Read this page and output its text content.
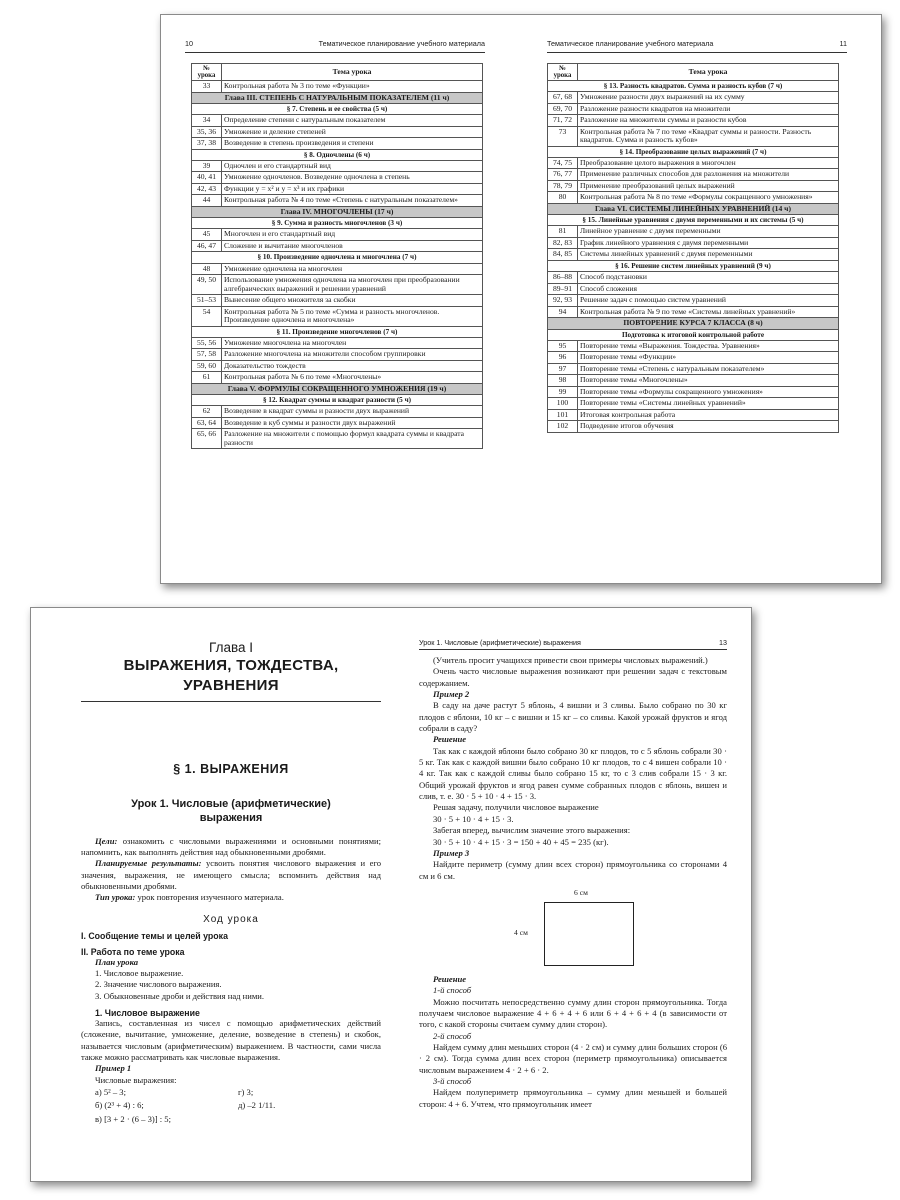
10	Тематическое планирование учебного материала
№ урока	Тема урока
33	Контрольная работа № 3 по теме «Функции»
Глава III. СТЕПЕНЬ С НАТУРАЛЬНЫМ ПОКАЗАТЕЛЕМ (11 ч)	
§ 7. Степень и ее свойства (5 ч)	
34	Определение степени с натуральным показателем
35, 36	Умножение и деление степеней
37, 38	Возведение в степень произведения и степени
§ 8. Одночлены (6 ч)	
39	Одночлен и его стандартный вид
40, 41	Умножение одночленов. Возведение одночлена в степень
42, 43	Функции y = x² и y = x³ и их графики
44	Контрольная работа № 4 по теме «Степень с натуральным показателем»
Глава IV. МНОГОЧЛЕНЫ (17 ч)	
§ 9. Сумма и разность многочленов (3 ч)	
45	Многочлен и его стандартный вид
46, 47	Сложение и вычитание многочленов
§ 10. Произведение одночлена и многочлена (7 ч)	
48	Умножение одночлена на многочлен
49, 50	Использование умножения одночлена на многочлен при преобразовании алгебраических выражений и решении уравнений
51–53	Вынесение общего множителя за скобки
54	Контрольная работа № 5 по теме «Сумма и разность многочленов. Произведение одночлена и многочлена»
§ 11. Произведение многочленов (7 ч)	
55, 56	Умножение многочлена на многочлен
57, 58	Разложение многочлена на множители способом группировки
59, 60	Доказательство тождеств
61	Контрольная работа № 6 по теме «Многочлены»
Глава V. ФОРМУЛЫ СОКРАЩЕННОГО УМНОЖЕНИЯ (19 ч)	
§ 12. Квадрат суммы и квадрат разности (5 ч)	
62	Возведение в квадрат суммы и разности двух выражений
63, 64	Возведение в куб суммы и разности двух выражений
65, 66	Разложение на множители с помощью формул квадрата суммы и квадрата разности
Тематическое планирование учебного материала	11
№ урока	Тема урока
§ 13. Разность квадратов. Сумма и разность кубов (7 ч)	
67, 68	Умножение разности двух выражений на их сумму
69, 70	Разложение разности квадратов на множители
71, 72	Разложение на множители суммы и разности кубов
73	Контрольная работа № 7 по теме «Квадрат суммы и разности. Разность квадратов. Сумма и разность кубов»
§ 14. Преобразование целых выражений (7 ч)	
74, 75	Преобразование целого выражения в многочлен
76, 77	Применение различных способов для разложения на множители
78, 79	Применение преобразований целых выражений
80	Контрольная работа № 8 по теме «Формулы сокращенного умножения»
Глава VI. СИСТЕМЫ ЛИНЕЙНЫХ УРАВНЕНИЙ (14 ч)	
§ 15. Линейные уравнения с двумя переменными и их системы (5 ч)	
81	Линейное уравнение с двумя переменными
82, 83	График линейного уравнения с двумя переменными
84, 85	Системы линейных уравнений с двумя переменными
§ 16. Решение систем линейных уравнений (9 ч)	
86–88	Способ подстановки
89–91	Способ сложения
92, 93	Решение задач с помощью систем уравнений
94	Контрольная работа № 9 по теме «Системы линейных уравнений»
ПОВТОРЕНИЕ КУРСА 7 КЛАССА (8 ч)	
Подготовка к итоговой контрольной работе	
95	Повторение темы «Выражения. Тождества. Уравнения»
96	Повторение темы «Функции»
97	Повторение темы «Степень с натуральным показателем»
98	Повторение темы «Многочлены»
99	Повторение темы «Формулы сокращенного умножения»
100	Повторение темы «Системы линейных уравнений»
101	Итоговая контрольная работа
102	Подведение итогов обучения
Глава I
ВЫРАЖЕНИЯ, ТОЖДЕСТВА,
УРАВНЕНИЯ
§ 1. ВЫРАЖЕНИЯ
Урок 1. Числовые (арифметические)
выражения

Цели: ознакомить с числовыми выражениями и основными понятиями; напомнить, как выполнять действия над обыкновенными дробями.

Планируемые результаты: усвоить понятия числового выражения и его значения, выражения, не имеющего смысла; вспомнить действия над обыкновенными дробями.

Тип урока: урок повторения изученного материала.

Ход урока
I. Сообщение темы и целей урока
II. Работа по теме урока
План урока
1. Числовое выражение.
2. Значение числового выражения.
3. Обыкновенные дроби и действия над ними.
1. Числовое выражение

Запись, составленная из чисел с помощью арифметических действий (сложение, вычитание, умножение, деление, возведение в степень) и скобок, называется числовым (арифметическим) выражением. В частности, сами числа также можно рассматривать как числовые выражения.

Пример 1
Числовые выражения:
а) 5² – 3;	г) 3;
б) (2³ + 4) : 6;	д) –2 1/11.
в) [3 + 2 · (6 – 3)] : 5;
Урок 1. Числовые (арифметические) выражения	13

(Учитель просит учащихся привести свои примеры числовых выражений.)

Очень часто числовые выражения возникают при решении задач с текстовым содержанием.

Пример 2

В саду на даче растут 5 яблонь, 4 вишни и 3 сливы. Было собрано по 30 кг плодов с яблони, 10 кг – с вишни и 15 кг – со сливы. Какой урожай фруктов и ягод собрали в саду?

Решение

Так как с каждой яблони было собрано 30 кг плодов, то с 5 яблонь собрали 30 · 5 кг. Так как с каждой вишни было собрано 10 кг плодов, то с 4 вишен собрали 10 · 4 кг. Так как с каждой сливы было собрано 15 кг, то с 3 слив собрали 15 · 3 кг. Общий урожай фруктов и ягод равен сумме собранных плодов с яблонь, вишен и слив, т. е. 30 · 5 + 10 · 4 + 15 · 3.

Решая задачу, получили числовое выражение

30 · 5 + 10 · 4 + 15 · 3.

Забегая вперед, вычислим значение этого выражения:

30 · 5 + 10 · 4 + 15 · 3 = 150 + 40 + 45 = 235 (кг).

Пример 3

Найдите периметр (сумму длин всех сторон) прямоугольника со сторонами 4 см и 6 см.

6 см
4 см
Решение
1-й способ

Можно посчитать непосредственно сумму длин сторон прямоугольника. Тогда получаем числовое выражение 4 + 6 + 4 + 6 или 6 + 4 + 6 + 4 (в зависимости от того, с какой стороны считаем сумму длин сторон).

2-й способ

Найдем сумму длин меньших сторон (4 · 2 см) и сумму длин больших сторон (6 · 2 см). Тогда сумма длин всех сторон (периметр прямоугольника) описывается числовым выражением 4 · 2 + 6 · 2.

3-й способ

Найдем полупериметр прямоугольника – сумму длин меньшей и большей сторон: 4 + 6. Учтем, что прямоугольник имеет
